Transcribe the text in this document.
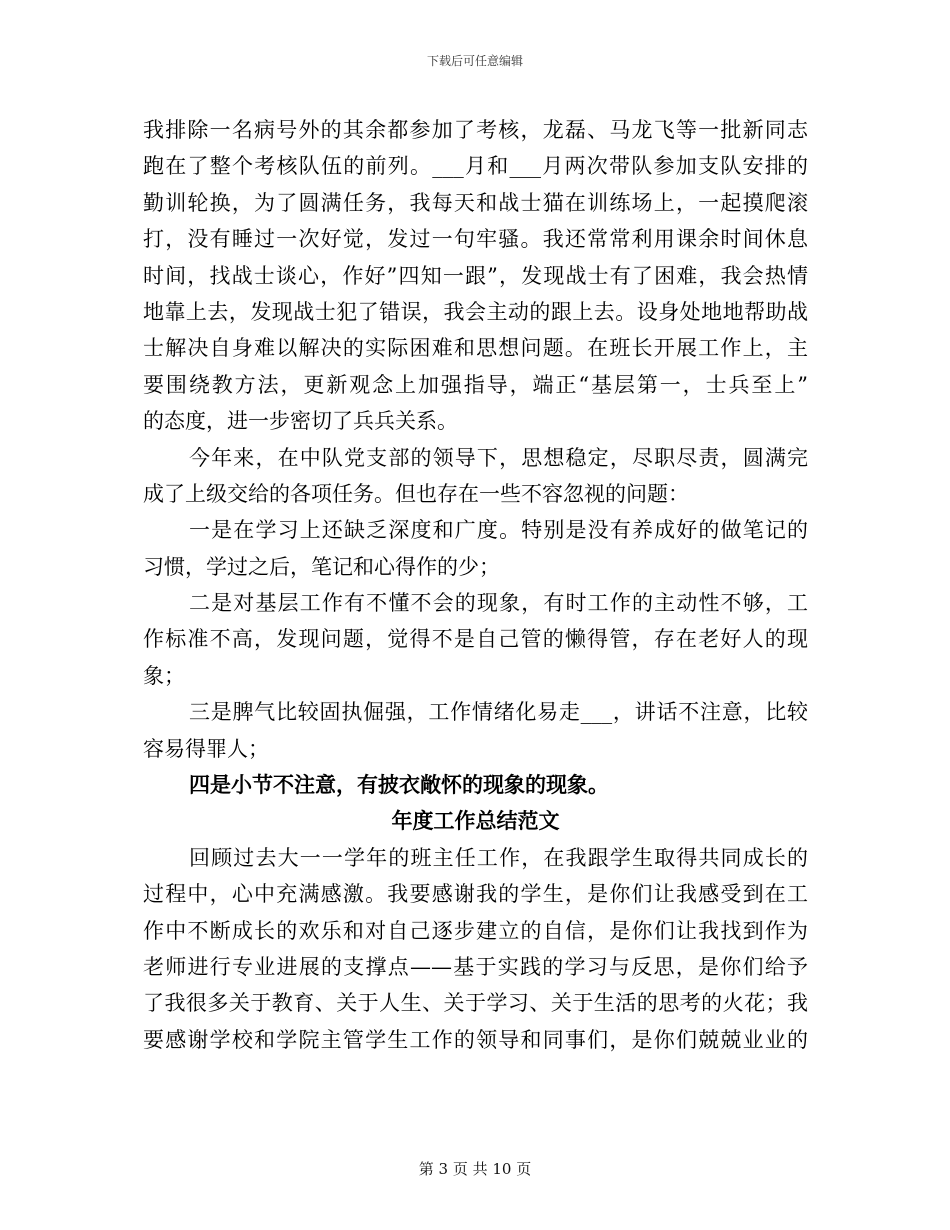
下载后可任意编辑
我排除一名病号外的其余都参加了考核，龙磊、马龙飞等一批新同志
跑在了整个考核队伍的前列。___月和___月两次带队参加支队安排的
勤训轮换，为了圆满任务，我每天和战士猫在训练场上，一起摸爬滚
打，没有睡过一次好觉，发过一句牢骚。我还常常利用课余时间休息
时间，找战士谈心，作好”四知一跟”，发现战士有了困难，我会热情
地靠上去，发现战士犯了错误，我会主动的跟上去。设身处地地帮助战
士解决自身难以解决的实际困难和思想问题。在班长开展工作上，主
要围绕教方法，更新观念上加强指导，端正“基层第一，士兵至上”
的态度，进一步密切了兵兵关系。
今年来，在中队党支部的领导下，思想稳定，尽职尽责，圆满完
成了上级交给的各项任务。但也存在一些不容忽视的问题：
一是在学习上还缺乏深度和广度。特别是没有养成好的做笔记的
习惯，学过之后，笔记和心得作的少；
二是对基层工作有不懂不会的现象，有时工作的主动性不够，工
作标准不高，发现问题，觉得不是自己管的懒得管，存在老好人的现
象；
三是脾气比较固执倔强，工作情绪化易走___，讲话不注意，比较
容易得罪人；
四是小节不注意，有披衣敞怀的现象的现象。
年度工作总结范文
回顾过去大一一学年的班主任工作，在我跟学生取得共同成长的
过程中，心中充满感激。我要感谢我的学生，是你们让我感受到在工
作中不断成长的欢乐和对自己逐步建立的自信，是你们让我找到作为
老师进行专业进展的支撑点——基于实践的学习与反思，是你们给予
了我很多关于教育、关于人生、关于学习、关于生活的思考的火花；我
要感谢学校和学院主管学生工作的领导和同事们，是你们兢兢业业的
第 3 页 共 10 页
